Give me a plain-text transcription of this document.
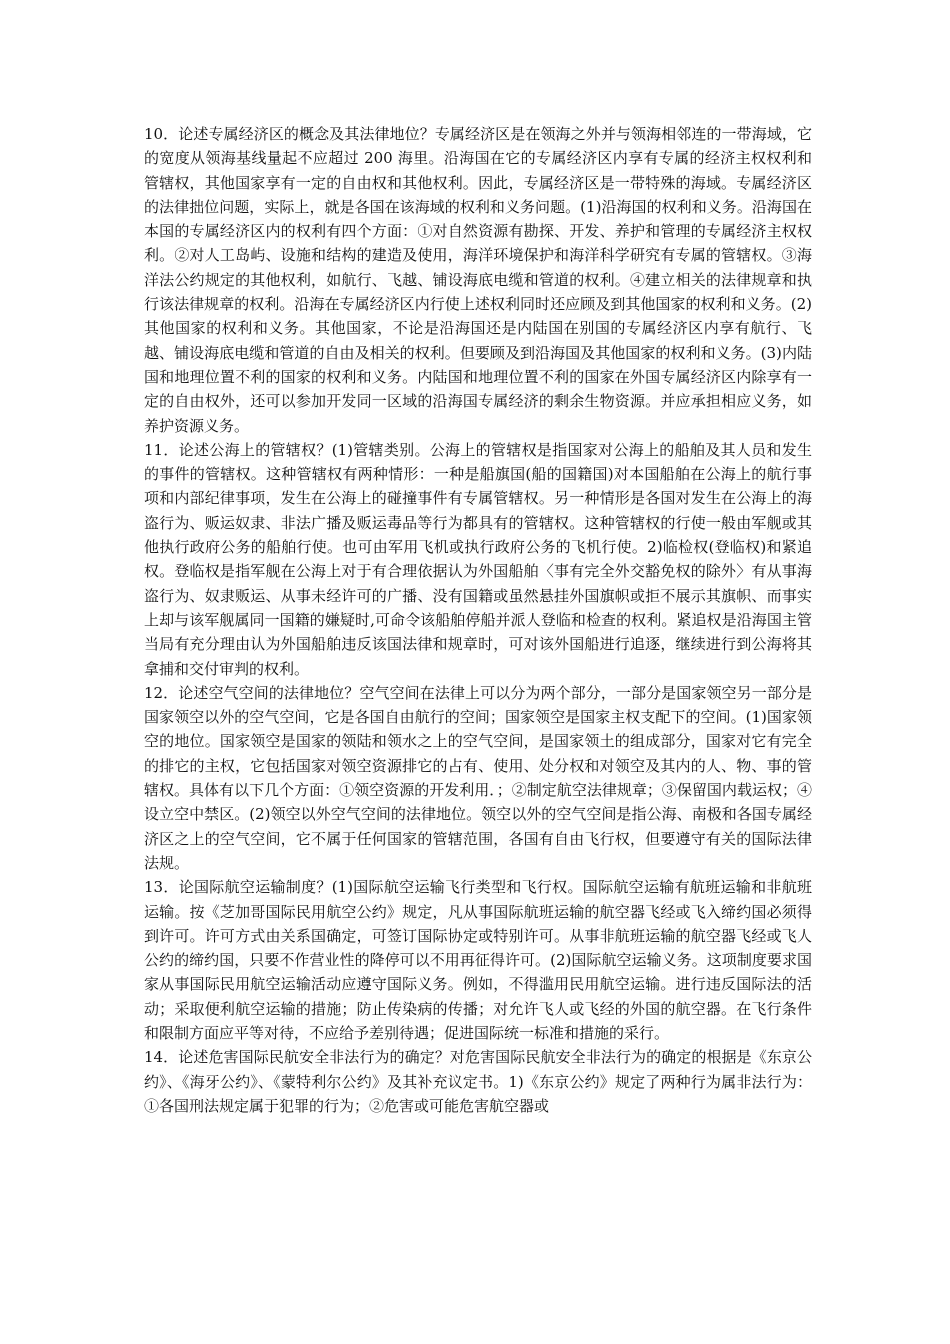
10．论述专属经济区的概念及其法律地位？专属经济区是在领海之外并与领海相邻连的一带海域，它的宽度从领海基线量起不应超过 200 海里。沿海国在它的专属经济区内享有专属的经济主权权利和管辖权，其他国家享有一定的自由权和其他权利。因此，专属经济区是一带特殊的海域。专属经济区的法律拙位问题，实际上，就是各国在该海域的权利和义务问题。(1)沿海国的权利和义务。沿海国在本国的专属经济区内的权利有四个方面：①对自然资源有勘探、开发、养护和管理的专属经济主权权利。②对人工岛屿、设施和结构的建造及使用，海洋环境保护和海洋科学研究有专属的管辖权。③海洋法公约规定的其他权利，如航行、飞越、铺设海底电缆和管道的权利。④建立相关的法律规章和执行该法律规章的权利。沿海在专属经济区内行使上述权利同时还应顾及到其他国家的权利和义务。(2)其他国家的权利和义务。其他国家，不论是沿海国还是内陆国在别国的专属经济区内享有航行、飞越、铺设海底电缆和管道的自由及相关的权利。但要顾及到沿海国及其他国家的权利和义务。(3)内陆国和地理位置不利的国家的权利和义务。内陆国和地理位置不利的国家在外国专属经济区内除享有一定的自由权外，还可以参加开发同一区域的沿海国专属经济的剩余生物资源。并应承担相应义务，如养护资源义务。

11．论述公海上的管辖权？(1)管辖类别。公海上的管辖权是指国家对公海上的船舶及其人员和发生的事件的管辖权。这种管辖权有两种情形：一种是船旗国(船的国籍国)对本国船舶在公海上的航行事项和内部纪律事项，发生在公海上的碰撞事件有专属管辖权。另一种情形是各国对发生在公海上的海盗行为、贩运奴隶、非法广播及贩运毒品等行为都具有的管辖权。这种管辖权的行使一般由军舰或其他执行政府公务的船舶行使。也可由军用飞机或执行政府公务的飞机行使。2)临检权(登临权)和紧追权。登临权是指军舰在公海上对于有合理依据认为外国船舶〈事有完全外交豁免权的除外〉有从事海盗行为、奴隶贩运、从事未经许可的广播、没有国籍或虽然悬挂外国旗帜或拒不展示其旗帜、而事实上却与该军舰属同一国籍的嫌疑时,可命令该船舶停船并派人登临和检查的权利。紧追权是沿海国主管当局有充分理由认为外国船舶违反该国法律和规章时，可对该外国船进行追逐，继续进行到公海将其拿捕和交付审判的权利。

12．论述空气空间的法律地位？空气空间在法律上可以分为两个部分，一部分是国家领空另一部分是国家领空以外的空气空间，它是各国自由航行的空间；国家领空是国家主权支配下的空间。(1)国家领空的地位。国家领空是国家的领陆和领水之上的空气空间，是国家领土的组成部分，国家对它有完全的排它的主权，它包括国家对领空资源排它的占有、使用、处分权和对领空及其内的人、物、事的管辖权。具体有以下几个方面：①领空资源的开发利用．；②制定航空法律规章；③保留国内载运权；④设立空中禁区。(2)领空以外空气空间的法律地位。领空以外的空气空间是指公海、南极和各国专属经济区之上的空气空间，它不属于任何国家的管辖范围，各国有自由飞行权，但要遵守有关的国际法律法规。

13．论国际航空运输制度？(1)国际航空运输飞行类型和飞行权。国际航空运输有航班运输和非航班运输。按《芝加哥国际民用航空公约》规定，凡从事国际航班运输的航空器飞经或飞入缔约国必须得到许可。许可方式由关系国确定，可签订国际协定或特别许可。从事非航班运输的航空器飞经或飞人公约的缔约国，只要不作营业性的降停可以不用再征得许可。(2)国际航空运输义务。这项制度要求国家从事国际民用航空运输活动应遵守国际义务。例如，不得滥用民用航空运输。进行违反国际法的活动；采取便利航空运输的措施；防止传染病的传播；对允许飞人或飞经的外国的航空器。在飞行条件和限制方面应平等对待，不应给予差别待遇；促进国际统一标准和措施的采行。

14．论述危害国际民航安全非法行为的确定？对危害国际民航安全非法行为的确定的根据是《东京公约》、《海牙公约》、《蒙特利尔公约》及其补充议定书。1)《东京公约》规定了两种行为属非法行为：①各国刑法规定属于犯罪的行为；②危害或可能危害航空器或
